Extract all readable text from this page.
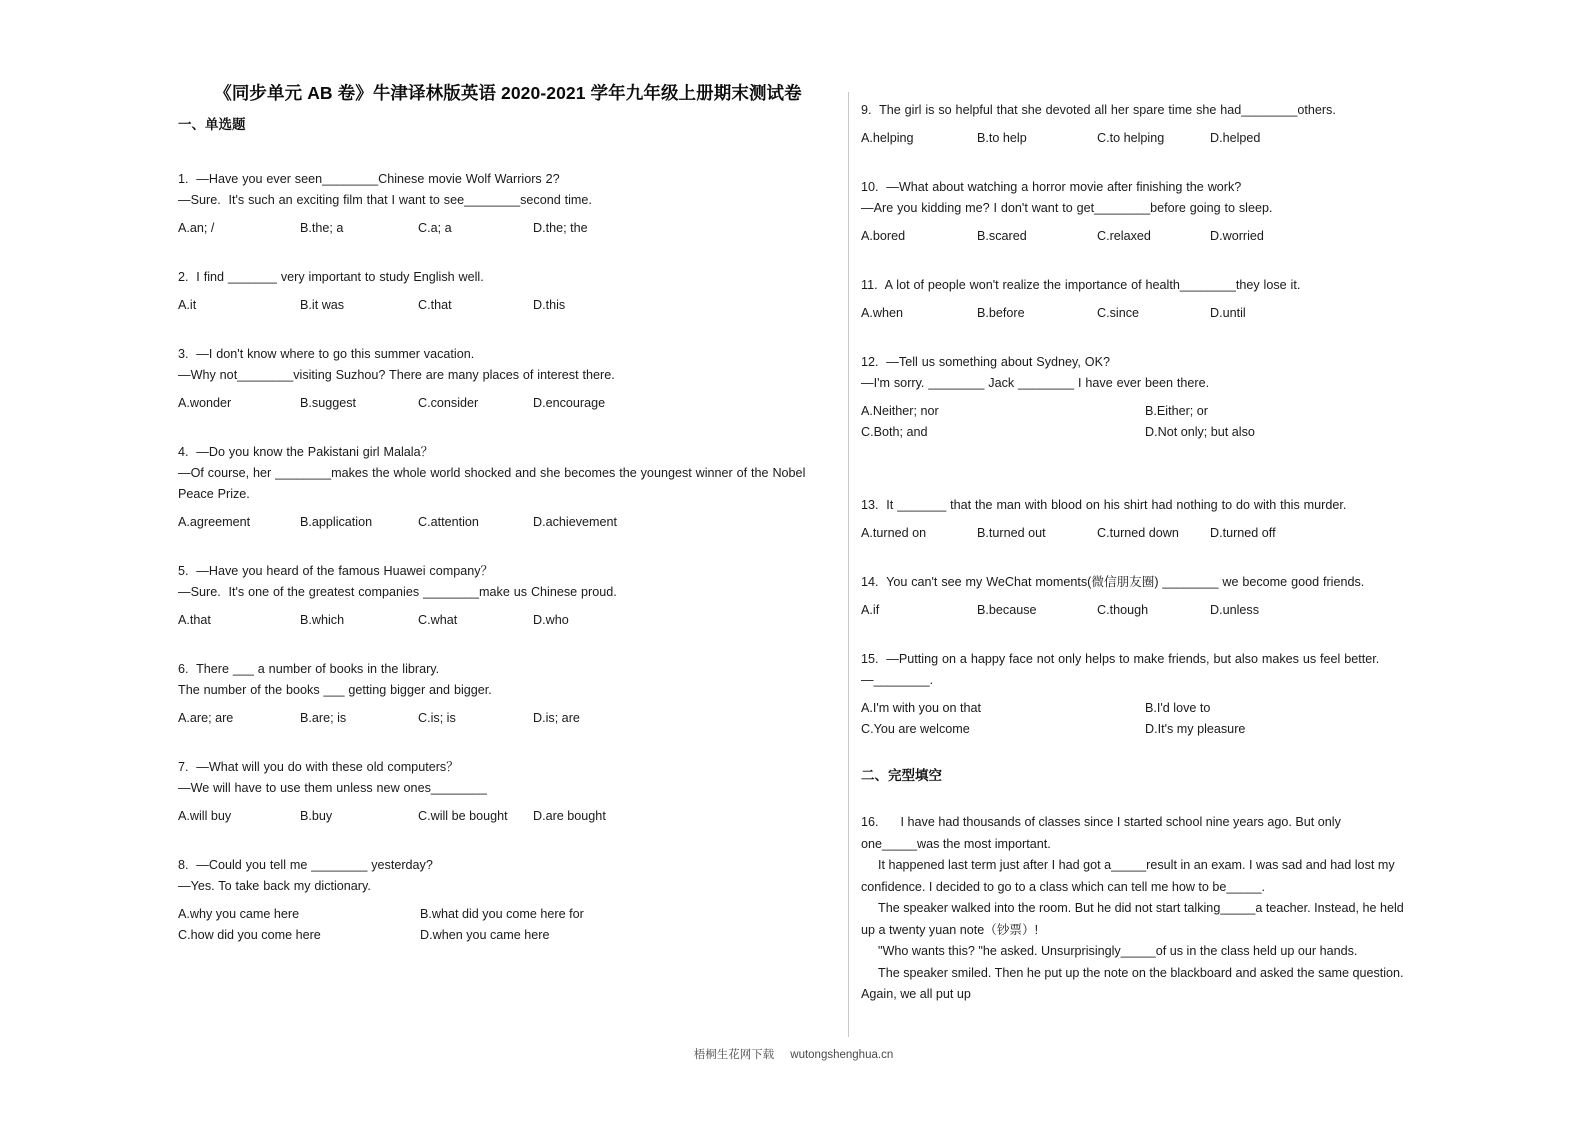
《同步单元 AB 卷》牛津译林版英语 2020-2021 学年九年级上册期末测试卷
一、单选题
1.  —Have you ever seen________Chinese movie Wolf Warriors 2?
—Sure.  It's such an exciting film that I want to see________second time.
A.an; /	B.the; a	C.a; a	D.the; the
2.  I find _______ very important to study English well.
A.it	B.it was	C.that	D.this
3.  —I don't know where to go this summer vacation.
—Why not________visiting Suzhou? There are many places of interest there.
A.wonder	B.suggest	C.consider	D.encourage
4.  —Do you know the Pakistani girl Malala？
—Of course, her ________makes the whole world shocked and she becomes the youngest winner of the Nobel Peace Prize.
A.agreement	B.application	C.attention	D.achievement
5.  —Have you heard of the famous Huawei company？
—Sure.  It's one of the greatest companies ________make us Chinese proud.
A.that	B.which	C.what	D.who
6.  There ___ a number of books in the library.
The number of the books ___ getting bigger and bigger.
A.are; are	B.are; is	C.is; is	D.is; are
7.  —What will you do with these old computers？
—We will have to use them unless new ones________
A.will buy	B.buy	C.will be bought D.are bought
8.  —Could you tell me ________ yesterday?
—Yes. To take back my dictionary.
A.why you came here	B.what did you come here for
C.how did you come here	D.when you came here
9.  The girl is so helpful that she devoted all her spare time she had________others.
A.helping	B.to help	C.to helping	D.helped
10.  —What about watching a horror movie after finishing the work?
—Are you kidding me? I don't want to get________before going to sleep.
A.bored	B.scared	C.relaxed	D.worried
11.  A lot of people won't realize the importance of health________they lose it.
A.when	B.before	C.since	D.until
12.  —Tell us something about Sydney, OK?
—I'm sorry. ________ Jack ________ I have ever been there.
A.Neither; nor	B.Either; or
C.Both; and	D.Not only; but also
13.  It _______ that the man with blood on his shirt had nothing to do with this murder.
A.turned on	B.turned out	C.turned down D.turned off
14.  You can't see my WeChat moments(微信朋友圈) ________ we become good friends.
A.if	B.because	C.though	D.unless
15.  —Putting on a happy face not only helps to make friends, but also makes us feel better.
—________.
A.I'm with you on that	B.I'd love to
C.You are welcome	D.It's my pleasure
二、完型填空

16. I have had thousands of classes since I started school nine years ago. But only one_____was the most important.

It happened last term just after I had got a_____result in an exam. I was sad and had lost my confidence. I decided to go to a class which can tell me how to be_____.

The speaker walked into the room. But he did not start talking_____a teacher. Instead, he held up a twenty yuan note（钞票）!

"Who wants this? "he asked. Unsurprisingly_____of us in the class held up our hands.

The speaker smiled. Then he put up the note on the blackboard and asked the same question. Again, we all put up

梧桐生花网下载 wutongshenghua.cn
